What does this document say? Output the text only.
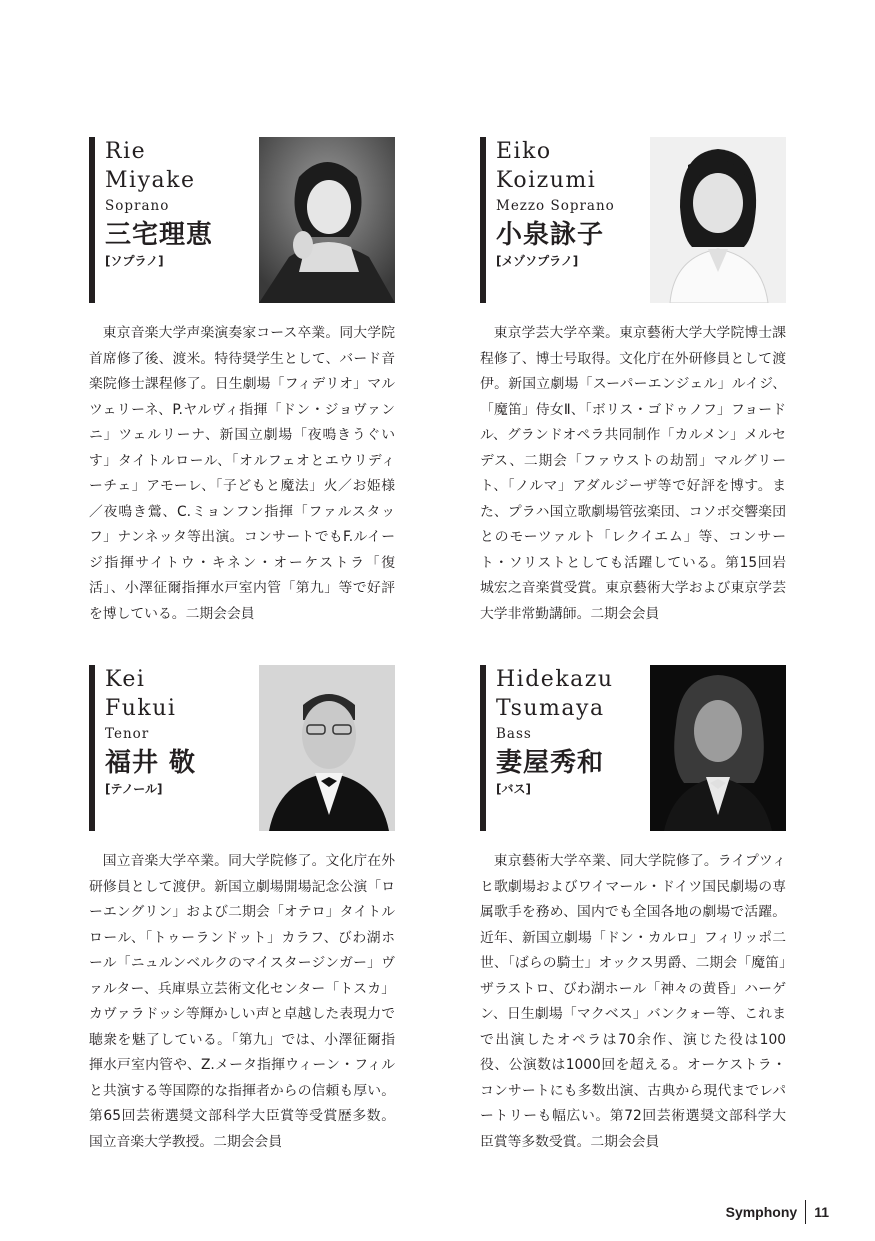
Rie
Miyake
Soprano
三宅理恵
[ソプラノ]
東京音楽大学声楽演奏家コース卒業。同大学院首席修了後、渡米。特待奨学生として、バード音楽院修士課程修了。日生劇場「フィデリオ」マルツェリーネ、P.ヤルヴィ指揮「ドン・ジョヴァンニ」ツェルリーナ、新国立劇場「夜鳴きうぐいす」タイトルロール、「オルフェオとエウリディーチェ」アモーレ、「子どもと魔法」火／お姫様／夜鳴き鶯、C.ミョンフン指揮「ファルスタッフ」ナンネッタ等出演。コンサートでもF.ルイージ指揮サイトウ・キネン・オーケストラ「復活」、小澤征爾指揮水戸室内管「第九」等で好評を博している。二期会会員
Eiko
Koizumi
Mezzo Soprano
小泉詠子
[メゾソプラノ]
東京学芸大学卒業。東京藝術大学大学院博士課程修了、博士号取得。文化庁在外研修員として渡伊。新国立劇場「スーパーエンジェル」ルイジ、「魔笛」侍女Ⅱ、「ボリス・ゴドゥノフ」フョードル、グランドオペラ共同制作「カルメン」メルセデス、二期会「ファウストの劫罰」マルグリート、「ノルマ」アダルジーザ等で好評を博す。また、プラハ国立歌劇場管弦楽団、コソボ交響楽団とのモーツァルト「レクイエム」等、コンサート・ソリストとしても活躍している。第15回岩城宏之音楽賞受賞。東京藝術大学および東京学芸大学非常勤講師。二期会会員
Kei
Fukui
Tenor
福井 敬
[テノール]
国立音楽大学卒業。同大学院修了。文化庁在外研修員として渡伊。新国立劇場開場記念公演「ローエングリン」および二期会「オテロ」タイトルロール、「トゥーランドット」カラフ、びわ湖ホール「ニュルンベルクのマイスタージンガー」ヴァルター、兵庫県立芸術文化センター「トスカ」カヴァラドッシ等輝かしい声と卓越した表現力で聴衆を魅了している。「第九」では、小澤征爾指揮水戸室内管や、Z.メータ指揮ウィーン・フィルと共演する等国際的な指揮者からの信頼も厚い。第65回芸術選奨文部科学大臣賞等受賞歴多数。国立音楽大学教授。二期会会員
Hidekazu
Tsumaya
Bass
妻屋秀和
[バス]
東京藝術大学卒業、同大学院修了。ライプツィヒ歌劇場およびワイマール・ドイツ国民劇場の専属歌手を務め、国内でも全国各地の劇場で活躍。近年、新国立劇場「ドン・カルロ」フィリッポ二世、「ばらの騎士」オックス男爵、二期会「魔笛」ザラストロ、びわ湖ホール「神々の黄昏」ハーゲン、日生劇場「マクベス」バンクォー等、これまで出演したオペラは70余作、演じた役は100役、公演数は1000回を超える。オーケストラ・コンサートにも多数出演、古典から現代までレパートリーも幅広い。第72回芸術選奨文部科学大臣賞等多数受賞。二期会会員
Symphony 11
